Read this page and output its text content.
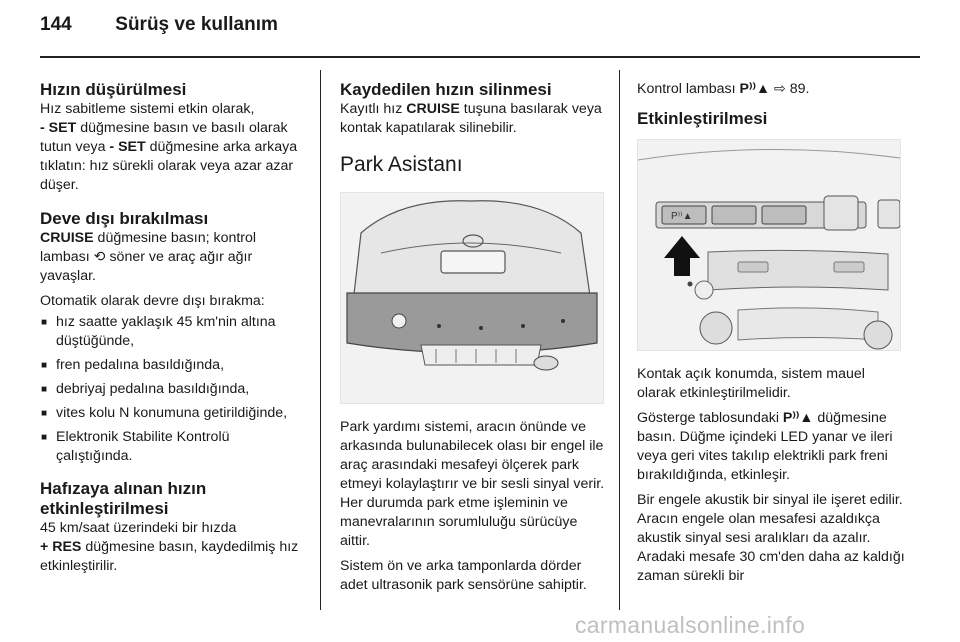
144 Sürüş ve kullanım
Hızın düşürülmesi

Hız sabitleme sistemi etkin olarak,
- SET düğmesine basın ve basılı olarak tutun veya - SET düğmesine arka arkaya tıklatın: hız sürekli olarak veya azar azar düşer.

Deve dışı bırakılması

CRUISE düğmesine basın; kontrol lambası ⟲ söner ve araç ağır ağır yavaşlar.

Otomatik olarak devre dışı bırakma:

■ hız saatte yaklaşık 45 km'nin altına düştüğünde,
■ fren pedalına basıldığında,
■ debriyaj pedalına basıldığında,
■ vites kolu N konumuna getirildiğinde,
■ Elektronik Stabilite Kontrolü çalıştığında.
Hafızaya alınan hızın etkinleştirilmesi

45 km/saat üzerindeki bir hızda
+ RES düğmesine basın, kaydedilmiş hız etkinleştirilir.

Kaydedilen hızın silinmesi

Kayıtlı hız CRUISE tuşuna basılarak veya kontak kapatılarak silinebilir.

Park Asistanı

Park yardımı sistemi, aracın önünde ve arkasında bulunabilecek olası bir engel ile araç arasındaki mesafeyi ölçerek park etmeyi kolaylaştırır ve bir sesli sinyal verir. Her durumda park etme işleminin ve manevralarının sorumluluğu sürücüye aittir.

Sistem ön ve arka tamponlarda dörder adet ultrasonik park sensörüne sahiptir.

Kontrol lambası P⁾⁾▲ ⇨ 89.

Etkinleştirilmesi
P⁾⁾▲

Kontak açık konumda, sistem mauel olarak etkinleştirilmelidir.

Gösterge tablosundaki P⁾⁾▲ düğmesine basın. Düğme içindeki LED yanar ve ileri veya geri vites takılıp elektrikli park freni bırakıldığında, etkinleşir.

Bir engele akustik bir sinyal ile işeret edilir. Aracın engele olan mesafesi azaldıkça akustik sinyal sesi aralıkları da azalır. Aradaki mesafe 30 cm'den daha az kaldığı zaman sürekli bir

carmanualsonline.info
